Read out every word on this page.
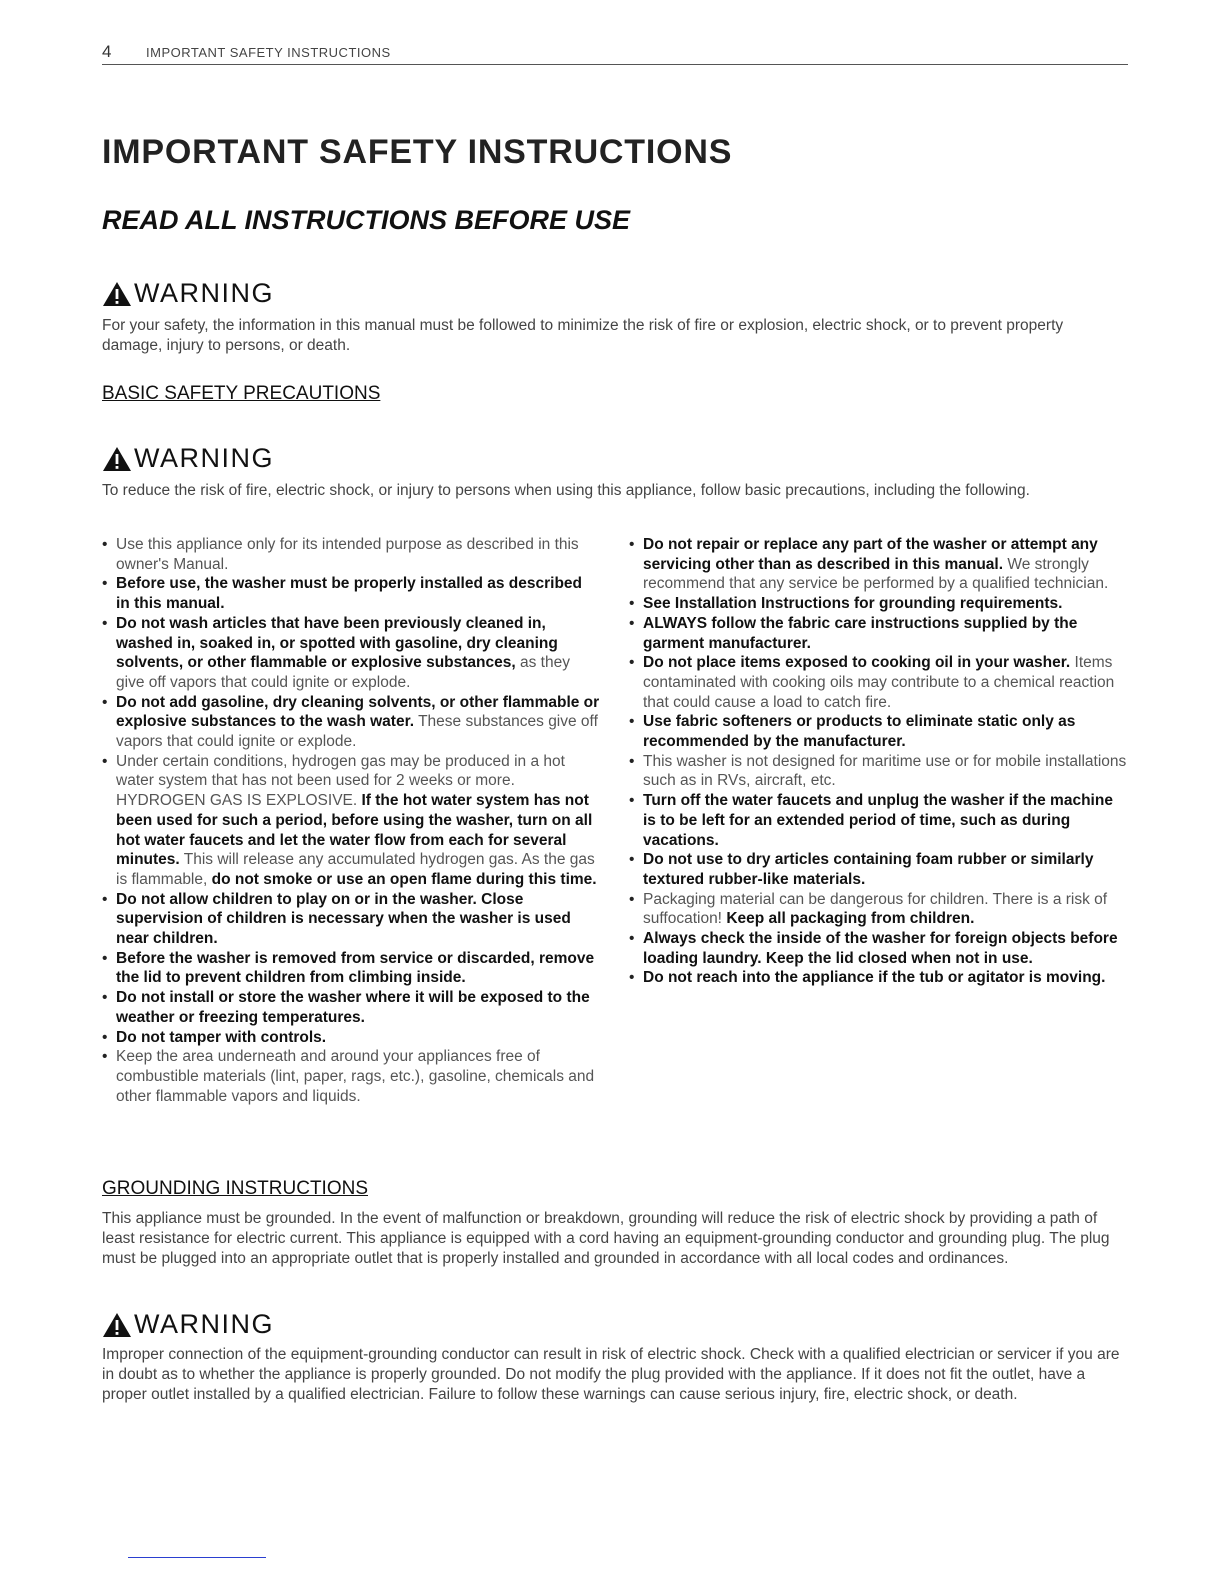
4	IMPORTANT SAFETY INSTRUCTIONS
IMPORTANT SAFETY INSTRUCTIONS
READ ALL INSTRUCTIONS BEFORE USE
WARNING

For your safety, the information in this manual must be followed to minimize the risk of fire or explosion, electric shock, or to prevent property damage, injury to persons, or death.

BASIC SAFETY PRECAUTIONS
WARNING

To reduce the risk of fire, electric shock, or injury to persons when using this appliance, follow basic precautions, including the following.

• Use this appliance only for its intended purpose as described in this owner's Manual.
• Before use, the washer must be properly installed as described in this manual.
• Do not wash articles that have been previously cleaned in, washed in, soaked in, or spotted with gasoline, dry cleaning solvents, or other flammable or explosive substances, as they give off vapors that could ignite or explode.
• Do not add gasoline, dry cleaning solvents, or other flammable or explosive substances to the wash water. These substances give off vapors that could ignite or explode.
• Under certain conditions, hydrogen gas may be produced in a hot water system that has not been used for 2 weeks or more. HYDROGEN GAS IS EXPLOSIVE. If the hot water system has not been used for such a period, before using the washer, turn on all hot water faucets and let the water flow from each for several minutes. This will release any accumulated hydrogen gas. As the gas is flammable, do not smoke or use an open flame during this time.
• Do not allow children to play on or in the washer. Close supervision of children is necessary when the washer is used near children.
• Before the washer is removed from service or discarded, remove the lid to prevent children from climbing inside.
• Do not install or store the washer where it will be exposed to the weather or freezing temperatures.
• Do not tamper with controls.
• Keep the area underneath and around your appliances free of combustible materials (lint, paper, rags, etc.), gasoline, chemicals and other flammable vapors and liquids.
• Do not repair or replace any part of the washer or attempt any servicing other than as described in this manual. We strongly recommend that any service be performed by a qualified technician.
• See Installation Instructions for grounding requirements.
• ALWAYS follow the fabric care instructions supplied by the garment manufacturer.
• Do not place items exposed to cooking oil in your washer. Items contaminated with cooking oils may contribute to a chemical reaction that could cause a load to catch fire.
• Use fabric softeners or products to eliminate static only as recommended by the manufacturer.
• This washer is not designed for maritime use or for mobile installations such as in RVs, aircraft, etc.
• Turn off the water faucets and unplug the washer if the machine is to be left for an extended period of time, such as during vacations.
• Do not use to dry articles containing foam rubber or similarly textured rubber-like materials.
• Packaging material can be dangerous for children. There is a risk of suffocation! Keep all packaging from children.
• Always check the inside of the washer for foreign objects before loading laundry. Keep the lid closed when not in use.
• Do not reach into the appliance if the tub or agitator is moving.
GROUNDING INSTRUCTIONS

This appliance must be grounded. In the event of malfunction or breakdown, grounding will reduce the risk of electric shock by providing a path of least resistance for electric current. This appliance is equipped with a cord having an equipment-grounding conductor and grounding plug. The plug must be plugged into an appropriate outlet that is properly installed and grounded in accordance with all local codes and ordinances.

WARNING

Improper connection of the equipment-grounding conductor can result in risk of electric shock. Check with a qualified electrician or servicer if you are in doubt as to whether the appliance is properly grounded. Do not modify the plug provided with the appliance. If it does not fit the outlet, have a proper outlet installed by a qualified electrician. Failure to follow these warnings can cause serious injury, fire, electric shock, or death.
